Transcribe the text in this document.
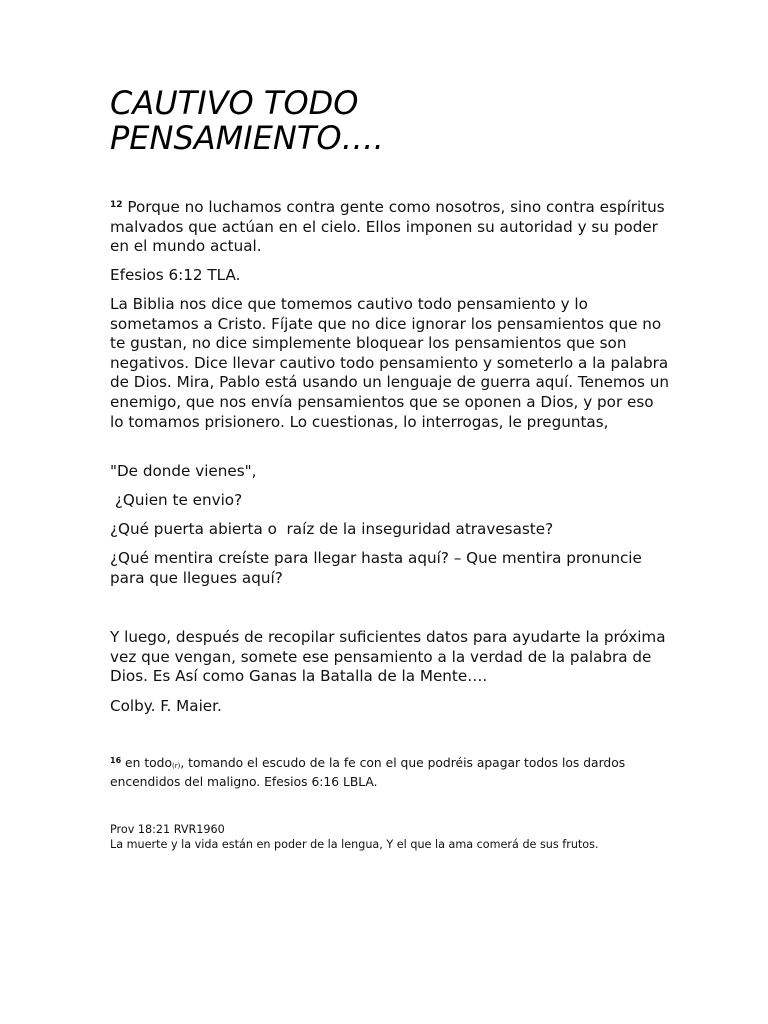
CAUTIVO TODO
PENSAMIENTO….

$^{12}$ Porque no luchamos contra gente como nosotros, sino contra espíritus malvados que actúan en el cielo. Ellos imponen su autoridad y su poder en el mundo actual.

Efesios 6:12 TLA.

La Biblia nos dice que tomemos cautivo todo pensamiento y lo sometamos a Cristo. Fíjate que no dice ignorar los pensamientos que no te gustan, no dice simplemente bloquear los pensamientos que son negativos. Dice llevar cautivo todo pensamiento y someterlo a la palabra de Dios. Mira, Pablo está usando un lenguaje de guerra aquí. Tenemos un enemigo, que nos envía pensamientos que se oponen a Dios, y por eso lo tomamos prisionero. Lo cuestionas, lo interrogas, le preguntas,

"De donde vienes",

¿Quien te envio?

¿Qué puerta abierta o  raíz de la inseguridad atravesaste?

¿Qué mentira creíste para llegar hasta aquí? – Que mentira pronuncie para que llegues aquí?

Y luego, después de recopilar suficientes datos para ayudarte la próxima vez que vengan, somete ese pensamiento a la verdad de la palabra de Dios. Es Así como Ganas la Batalla de la Mente….

Colby. F. Maier.

$^{16}$ en todo(r), tomando el escudo de la fe con el que podréis apagar todos los dardos encendidos del maligno. Efesios 6:16 LBLA.

Prov 18:21 RVR1960
La muerte y la vida están en poder de la lengua, Y el que la ama comerá de sus frutos.
